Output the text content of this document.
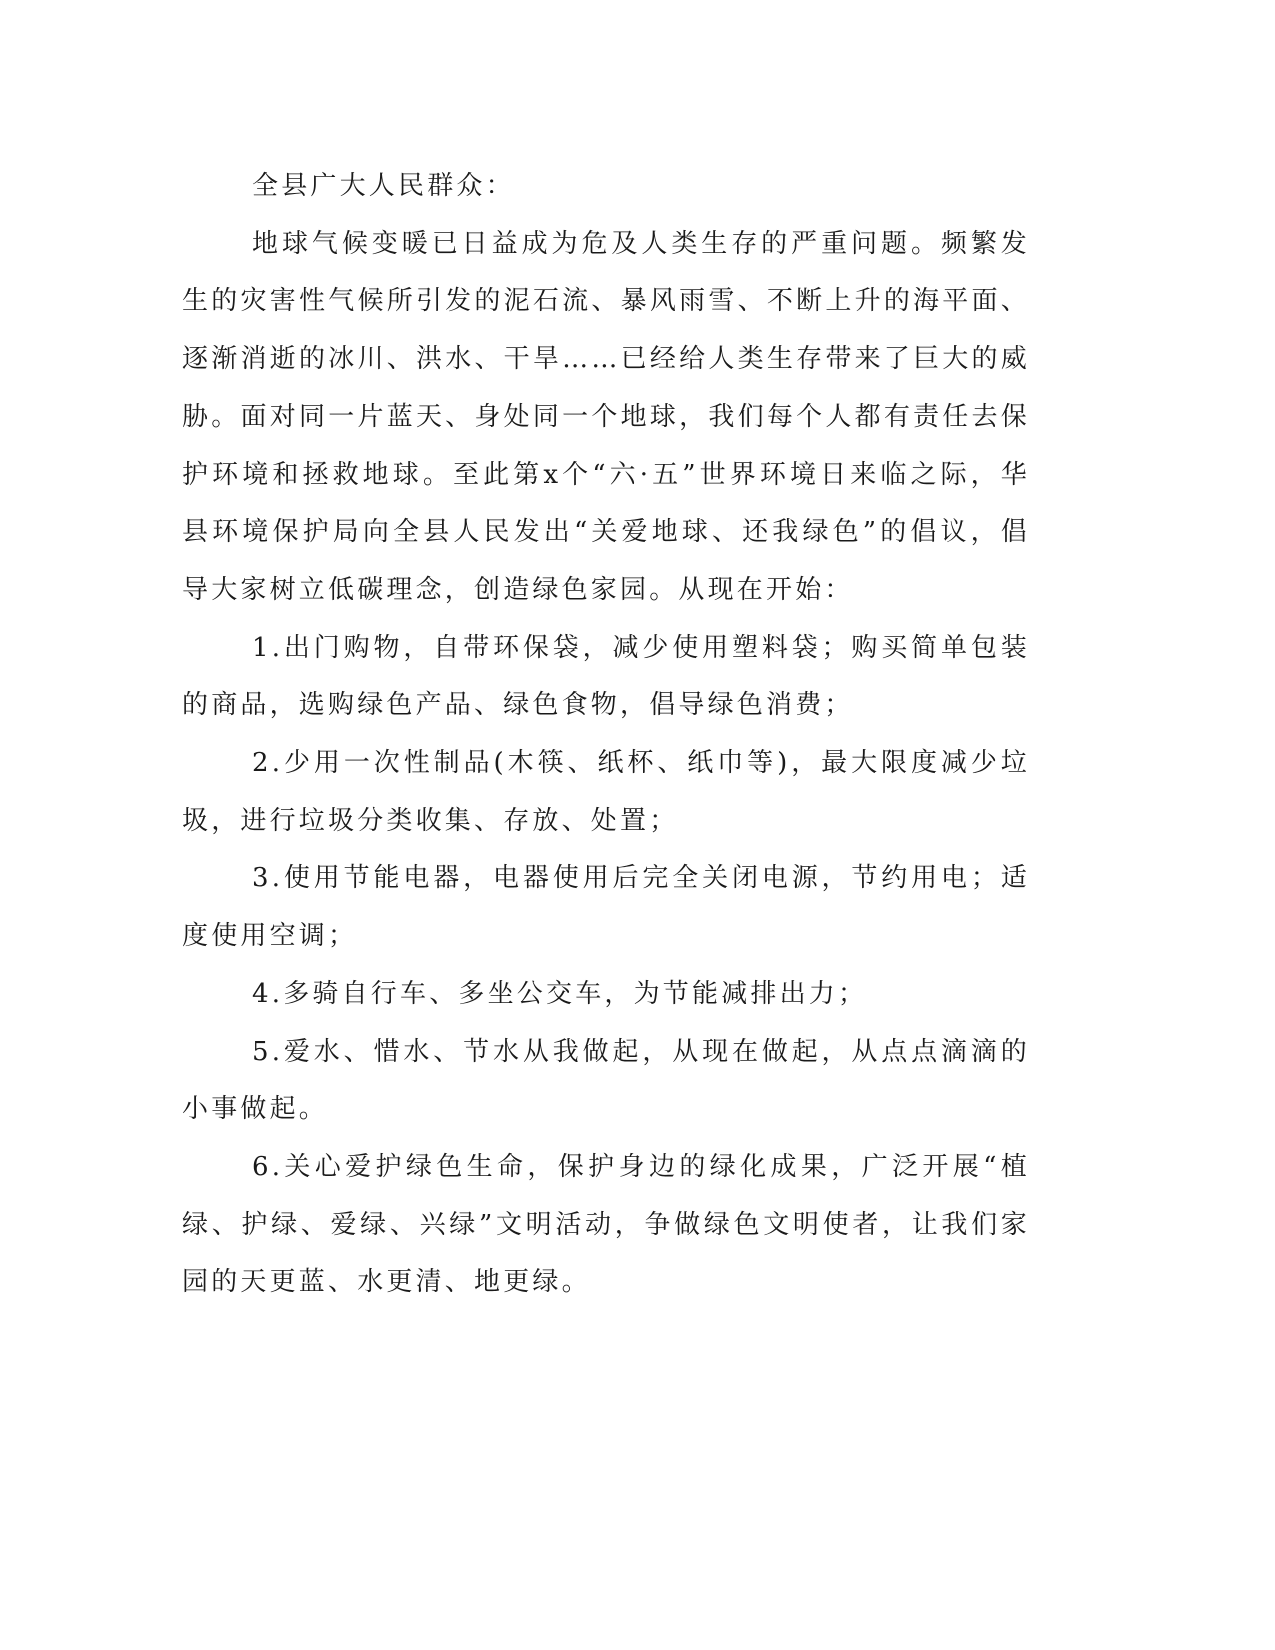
全县广大人民群众：

地球气候变暖已日益成为危及人类生存的严重问题。频繁发生的灾害性气候所引发的泥石流、暴风雨雪、不断上升的海平面、逐渐消逝的冰川、洪水、干旱……已经给人类生存带来了巨大的威胁。面对同一片蓝天、身处同一个地球，我们每个人都有责任去保护环境和拯救地球。至此第x个“六·五”世界环境日来临之际，华县环境保护局向全县人民发出“关爱地球、还我绿色”的倡议，倡导大家树立低碳理念，创造绿色家园。从现在开始：

1.出门购物，自带环保袋，减少使用塑料袋；购买简单包装的商品，选购绿色产品、绿色食物，倡导绿色消费；

2.少用一次性制品(木筷、纸杯、纸巾等)，最大限度减少垃圾，进行垃圾分类收集、存放、处置；

3.使用节能电器，电器使用后完全关闭电源，节约用电；适度使用空调；

4.多骑自行车、多坐公交车，为节能减排出力；

5.爱水、惜水、节水从我做起，从现在做起，从点点滴滴的小事做起。

6.关心爱护绿色生命，保护身边的绿化成果，广泛开展“植绿、护绿、爱绿、兴绿”文明活动，争做绿色文明使者，让我们家园的天更蓝、水更清、地更绿。
